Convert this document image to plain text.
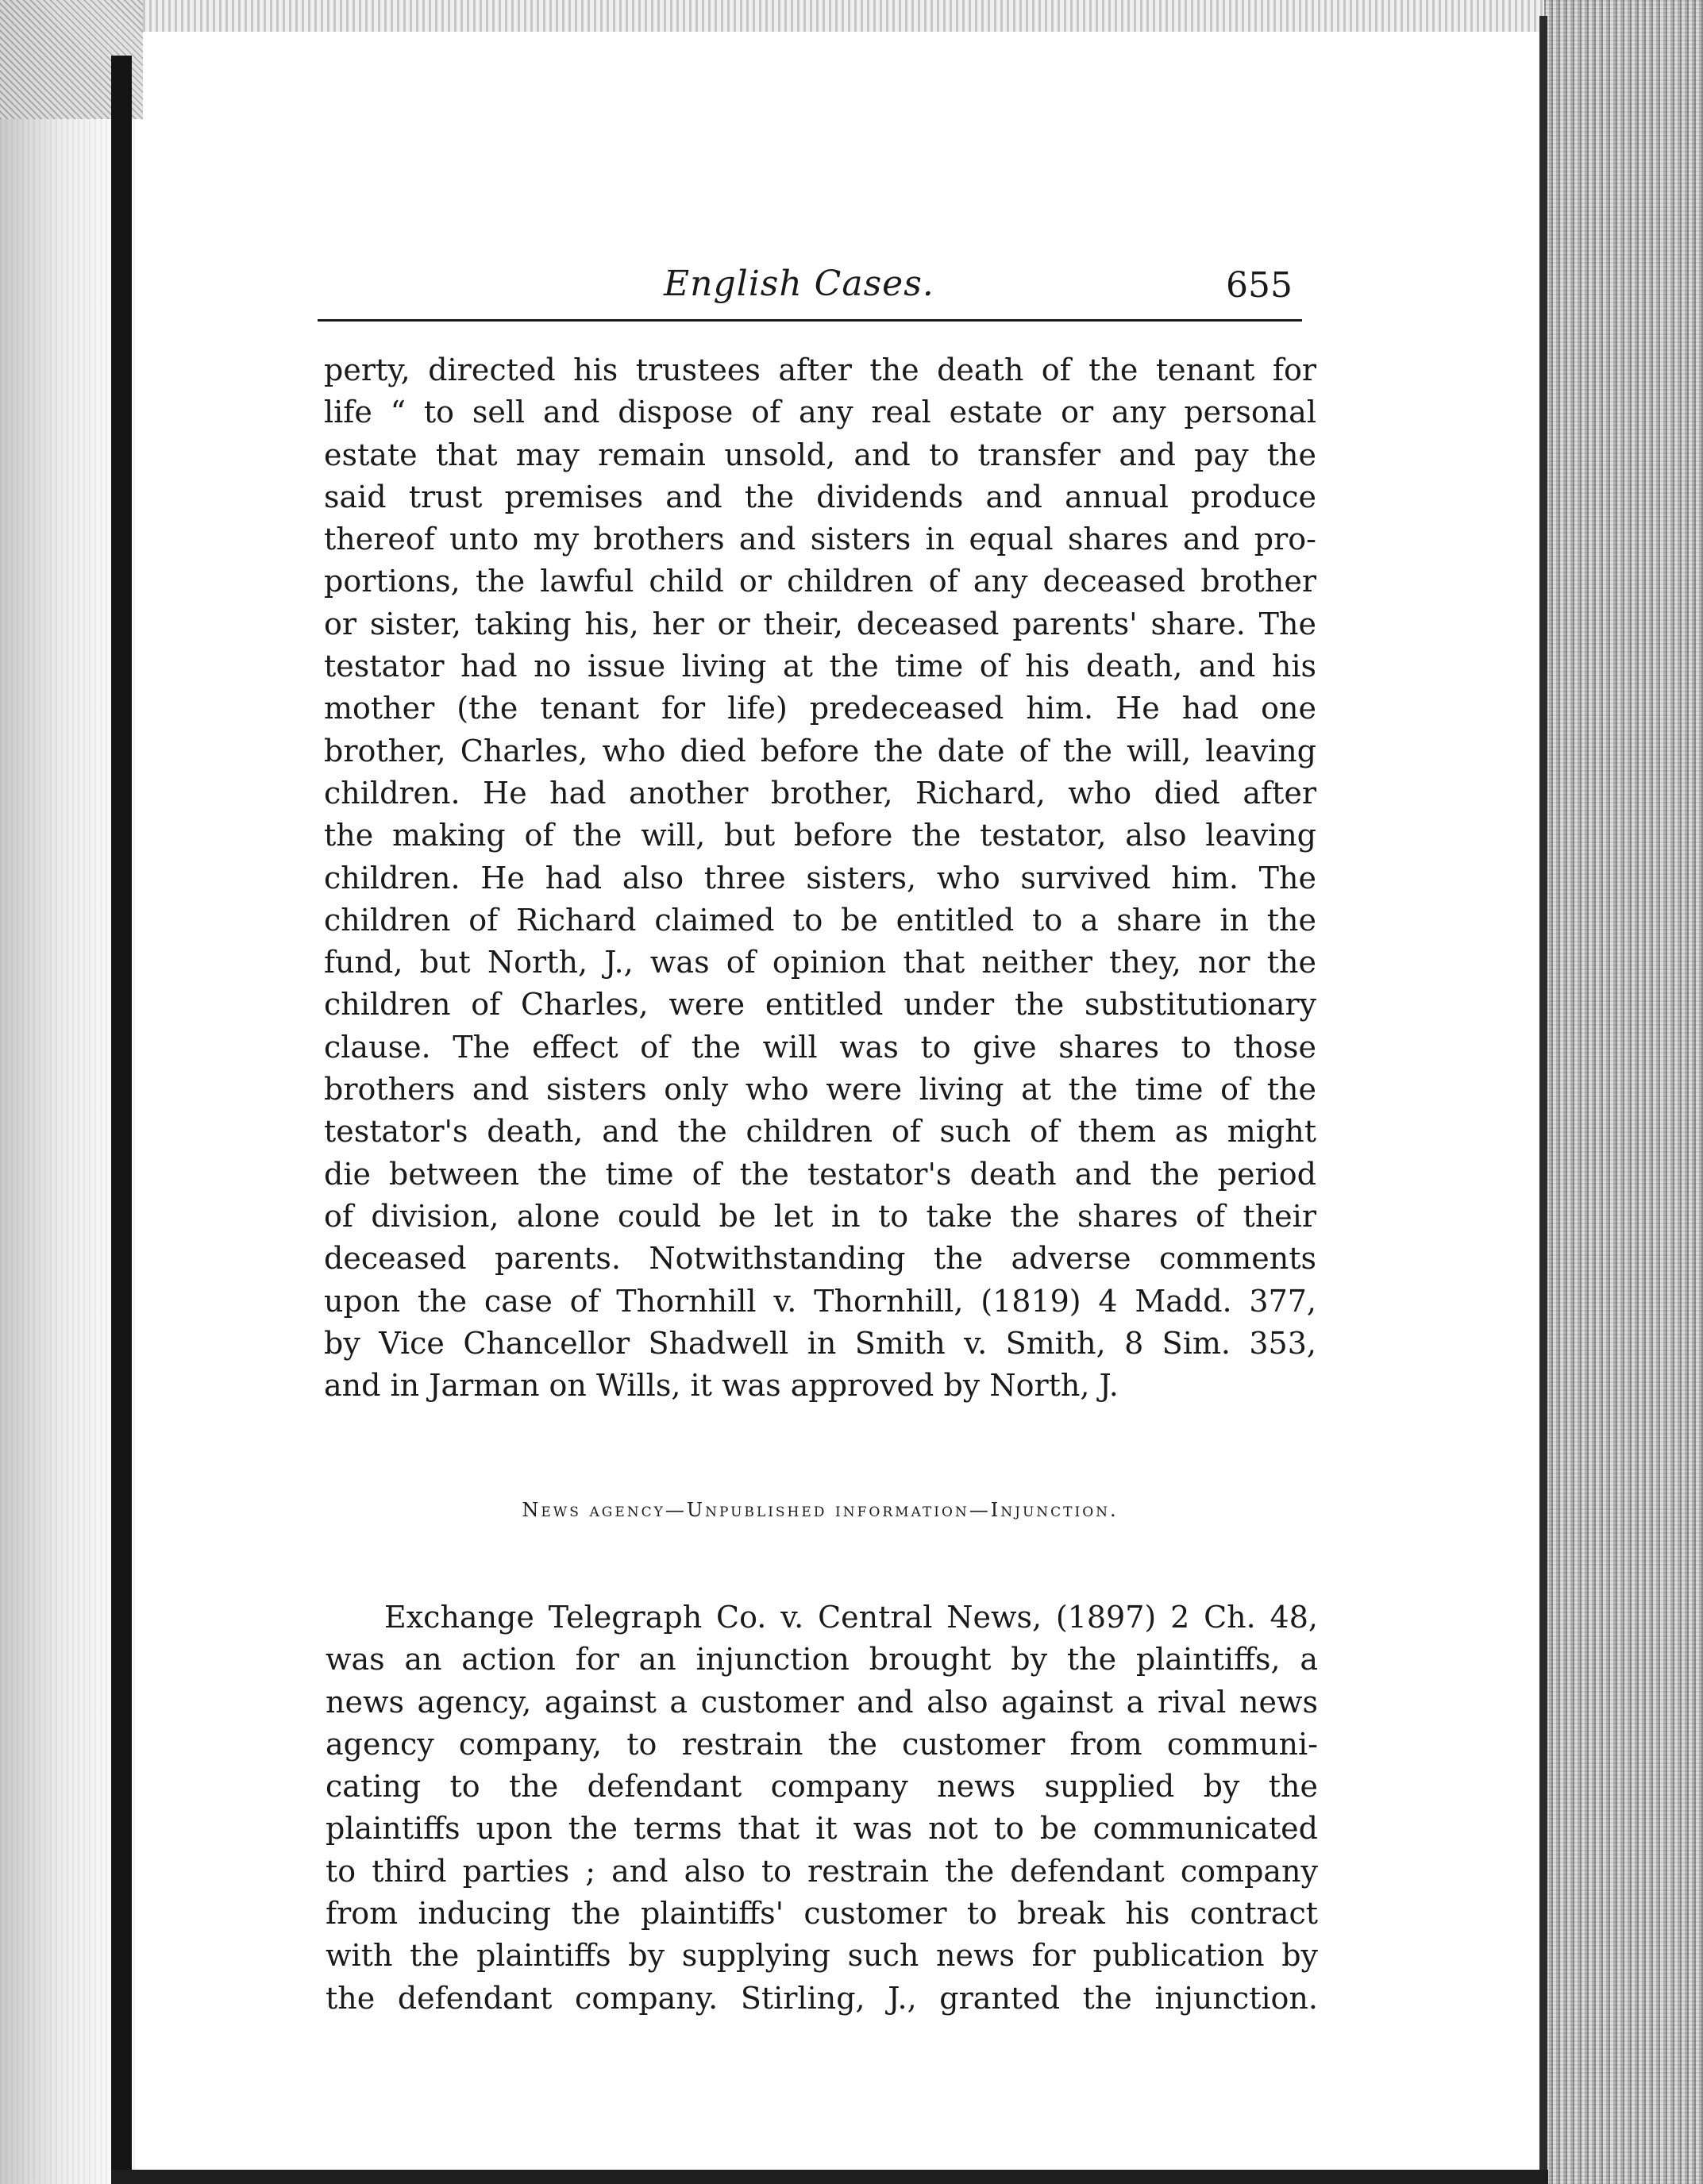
English Cases.	655
perty, directed his trustees after the death of the tenant for
life “ to sell and dispose of any real estate or any personal
estate that may remain unsold, and to transfer and pay the
said trust premises and the dividends and annual produce
thereof unto my brothers and sisters in equal shares and pro-
portions, the lawful child or children of any deceased brother
or sister, taking his, her or their, deceased parents' share. The
testator had no issue living at the time of his death, and his
mother (the tenant for life) predeceased him. He had one
brother, Charles, who died before the date of the will, leaving
children. He had another brother, Richard, who died after
the making of the will, but before the testator, also leaving
children. He had also three sisters, who survived him. The
children of Richard claimed to be entitled to a share in the
fund, but North, J., was of opinion that neither they, nor the
children of Charles, were entitled under the substitutionary
clause. The effect of the will was to give shares to those
brothers and sisters only who were living at the time of the
testator's death, and the children of such of them as might
die between the time of the testator's death and the period
of division, alone could be let in to take the shares of their
deceased parents. Notwithstanding the adverse comments
upon the case of Thornhill v. Thornhill, (1819) 4 Madd. 377,
by Vice Chancellor Shadwell in Smith v. Smith, 8 Sim. 353,
and in Jarman on Wills, it was approved by North, J.
News agency—Unpublished information—Injunction.
Exchange Telegraph Co. v. Central News, (1897) 2 Ch. 48,
was an action for an injunction brought by the plaintiffs, a
news agency, against a customer and also against a rival news
agency company, to restrain the customer from communi-
cating to the defendant company news supplied by the
plaintiffs upon the terms that it was not to be communicated
to third parties ; and also to restrain the defendant company
from inducing the plaintiffs' customer to break his contract
with the plaintiffs by supplying such news for publication by
the defendant company. Stirling, J., granted the injunction.
